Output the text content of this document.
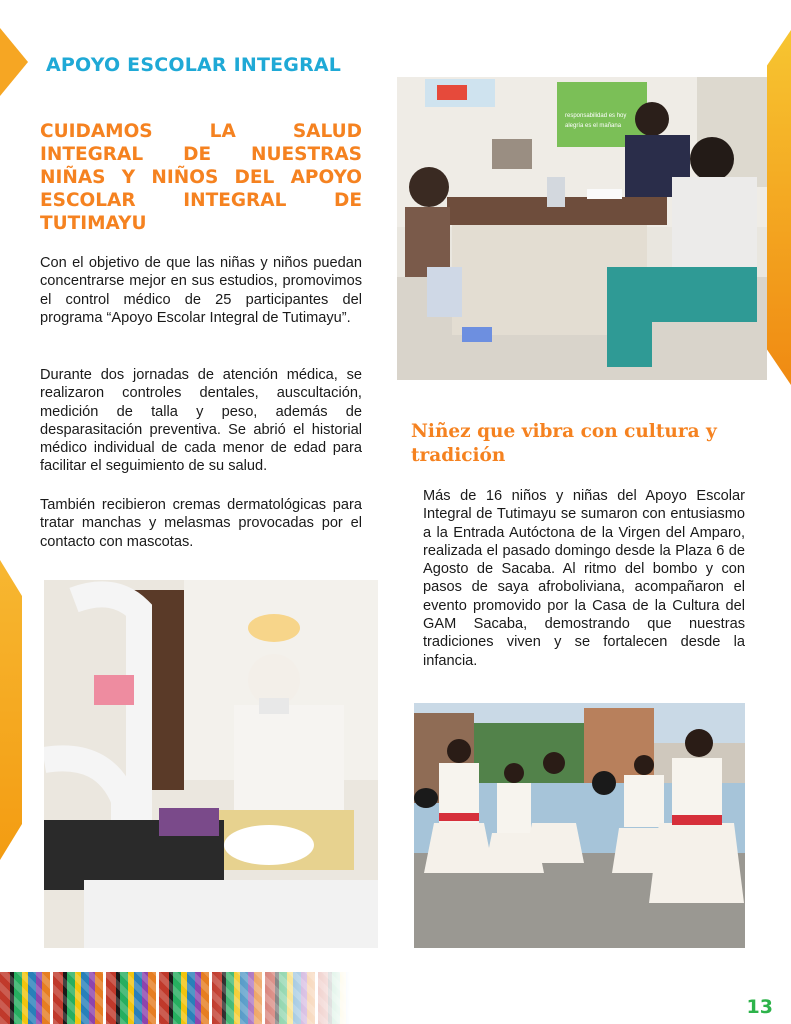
APOYO ESCOLAR INTEGRAL
CUIDAMOS LA SALUD INTEGRAL DE NUESTRAS NIÑAS Y NIÑOS DEL APOYO ESCOLAR INTEGRAL DE TUTIMAYU
Con el objetivo de que las niñas y niños puedan concentrarse mejor en sus estudios, promovimos el control médico de 25 participantes del programa “Apoyo Escolar Integral de Tutimayu”.
Durante dos jornadas de atención médica, se realizaron controles dentales, auscultación, medición de talla y peso, además de desparasitación preventiva. Se abrió el historial médico individual de cada menor de edad para facilitar el seguimiento de su salud.
También recibieron cremas dermatológicas para tratar manchas y melasmas provocadas por el contacto con mascotas.
responsabilidad es hoy
alegría es el mañana
Niñez que vibra con cultura y tradición
Más de 16 niños y niñas del Apoyo Escolar Integral de Tutimayu se sumaron con entusiasmo a la Entrada Autóctona de la Virgen del Amparo, realizada el pasado domingo desde la Plaza 6 de Agosto de Sacaba. Al ritmo del bombo y con pasos de saya afroboliviana, acompañaron el evento promovido por la Casa de la Cultura del GAM Sacaba, demostrando que nuestras tradiciones viven y se fortalecen desde la infancia.
13
